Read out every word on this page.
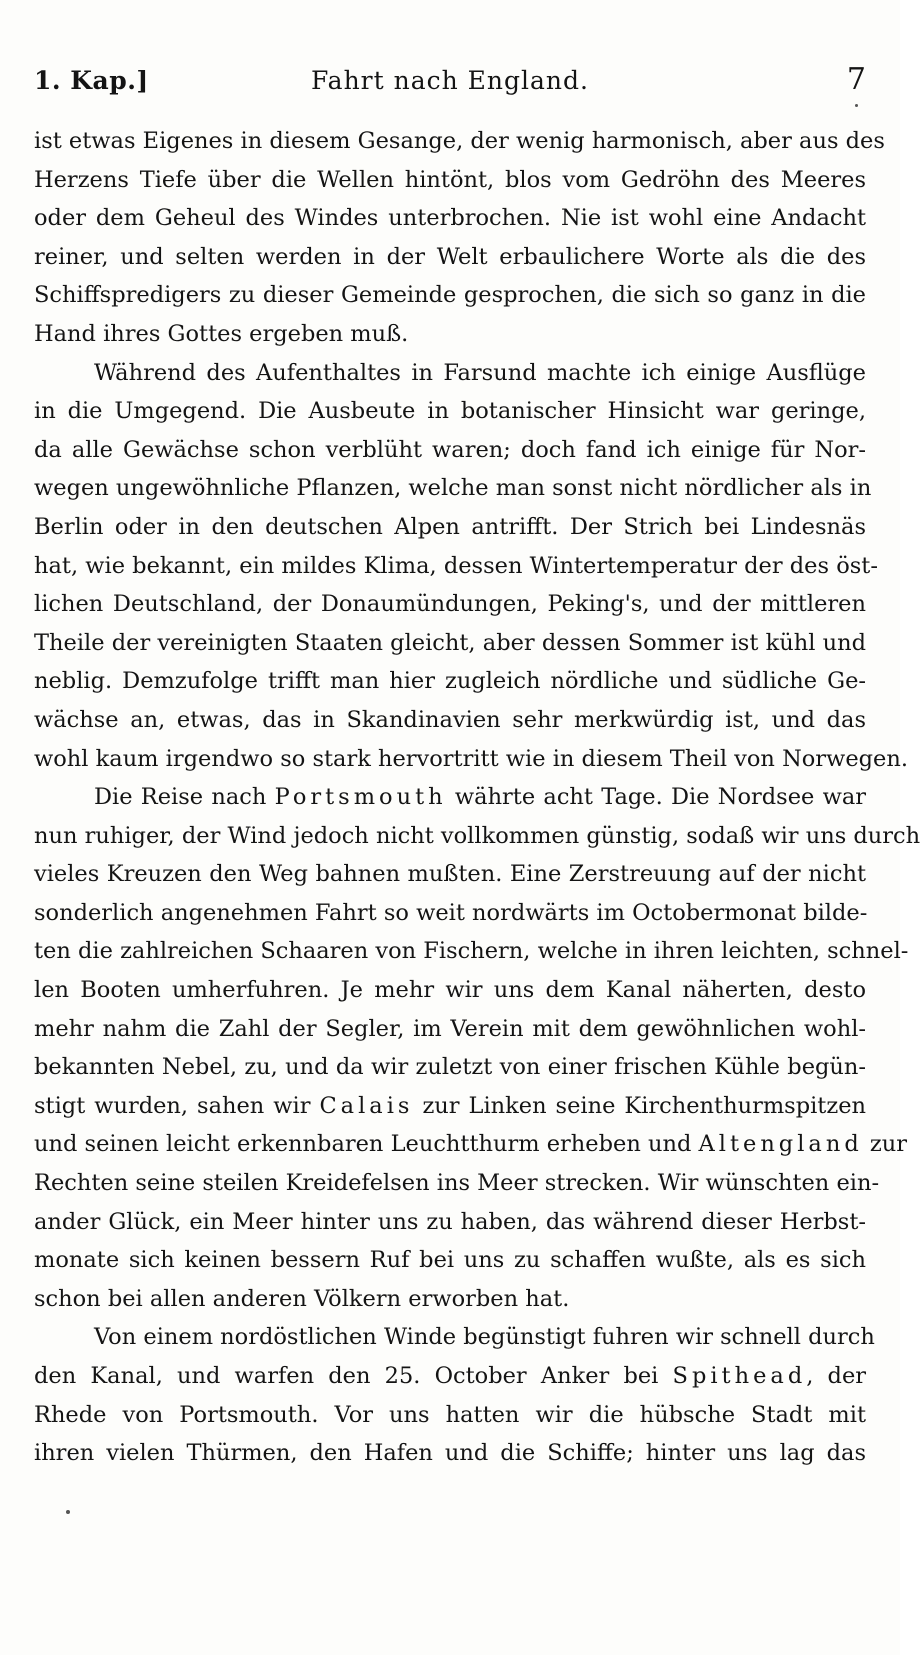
1. Kap.]	Fahrt nach England.	7
ist etwas Eigenes in diesem Gesange, der wenig harmonisch, aber aus des
Herzens Tiefe über die Wellen hintönt, blos vom Gedröhn des Meeres
oder dem Geheul des Windes unterbrochen. Nie ist wohl eine Andacht
reiner, und selten werden in der Welt erbaulichere Worte als die des
Schiffspredigers zu dieser Gemeinde gesprochen, die sich so ganz in die
Hand ihres Gottes ergeben muß.
Während des Aufenthaltes in Farsund machte ich einige Ausflüge
in die Umgegend. Die Ausbeute in botanischer Hinsicht war geringe,
da alle Gewächse schon verblüht waren; doch fand ich einige für Nor-
wegen ungewöhnliche Pflanzen, welche man sonst nicht nördlicher als in
Berlin oder in den deutschen Alpen antrifft. Der Strich bei Lindesnäs
hat, wie bekannt, ein mildes Klima, dessen Wintertemperatur der des öst-
lichen Deutschland, der Donaumündungen, Peking's, und der mittleren
Theile der vereinigten Staaten gleicht, aber dessen Sommer ist kühl und
neblig. Demzufolge trifft man hier zugleich nördliche und südliche Ge-
wächse an, etwas, das in Skandinavien sehr merkwürdig ist, und das
wohl kaum irgendwo so stark hervortritt wie in diesem Theil von Norwegen.
Die Reise nach Portsmouth währte acht Tage. Die Nordsee war
nun ruhiger, der Wind jedoch nicht vollkommen günstig, sodaß wir uns durch
vieles Kreuzen den Weg bahnen mußten. Eine Zerstreuung auf der nicht
sonderlich angenehmen Fahrt so weit nordwärts im Octobermonat bilde-
ten die zahlreichen Schaaren von Fischern, welche in ihren leichten, schnel-
len Booten umherfuhren. Je mehr wir uns dem Kanal näherten, desto
mehr nahm die Zahl der Segler, im Verein mit dem gewöhnlichen wohl-
bekannten Nebel, zu, und da wir zuletzt von einer frischen Kühle begün-
stigt wurden, sahen wir Calais zur Linken seine Kirchenthurmspitzen
und seinen leicht erkennbaren Leuchtthurm erheben und Altengland zur
Rechten seine steilen Kreidefelsen ins Meer strecken. Wir wünschten ein-
ander Glück, ein Meer hinter uns zu haben, das während dieser Herbst-
monate sich keinen bessern Ruf bei uns zu schaffen wußte, als es sich
schon bei allen anderen Völkern erworben hat.
Von einem nordöstlichen Winde begünstigt fuhren wir schnell durch
den Kanal, und warfen den 25. October Anker bei Spithead, der
Rhede von Portsmouth. Vor uns hatten wir die hübsche Stadt mit
ihren vielen Thürmen, den Hafen und die Schiffe; hinter uns lag das
